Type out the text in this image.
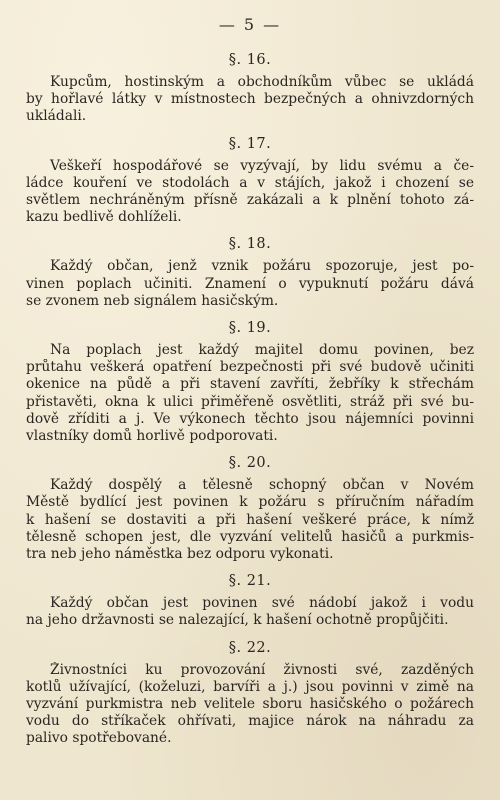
— 5 —
§. 16.
Kupcům, hostinským a obchodníkům vůbec se ukládá
by hořlavé látky v místnostech bezpečných a ohnivzdorných
ukládali.
§. 17.
Veškeří hospodářové se vyzývají, by lidu svému a če-
ládce kouření ve stodolách a v stájích, jakož i chození se
světlem nechráněným přísně zakázali a k plnění tohoto zá-
kazu bedlivě dohlíželi.
§. 18.
Každý občan, jenž vznik požáru spozoruje, jest po-
vinen poplach učiniti. Znamení o vypuknutí požáru dává
se zvonem neb signálem hasičským.
§. 19.
Na poplach jest každý majitel domu povinen, bez
průtahu veškerá opatření bezpečnosti při své budově učiniti
okenice na půdě a při stavení zavříti, žebříky k střechám
přistavěti, okna k ulici přiměřeně osvětliti, stráž při své bu-
dově zříditi a j. Ve výkonech těchto jsou nájemníci povinni
vlastníky domů horlivě podporovati.
§. 20.
Každý dospělý a tělesně schopný občan v Novém
Městě bydlící jest povinen k požáru s příručním nářadím
k hašení se dostaviti a při hašení veškeré práce, k nímž
tělesně schopen jest, dle vyzvání velitelů hasičů a purkmis-
tra neb jeho náměstka bez odporu vykonati.
§. 21.
Každý občan jest povinen své nádobí jakož i vodu
na jeho državnosti se nalezající, k hašení ochotně propůjčiti.
§. 22.
Živnostníci ku provozování živnosti své, zazděných
kotlů užívající, (koželuzi, barvíři a j.) jsou povinni v zimě na
vyzvání purkmistra neb velitele sboru hasičského o požárech
vodu do stříkaček ohřívati, majice nárok na náhradu za
palivo spotřebované.
